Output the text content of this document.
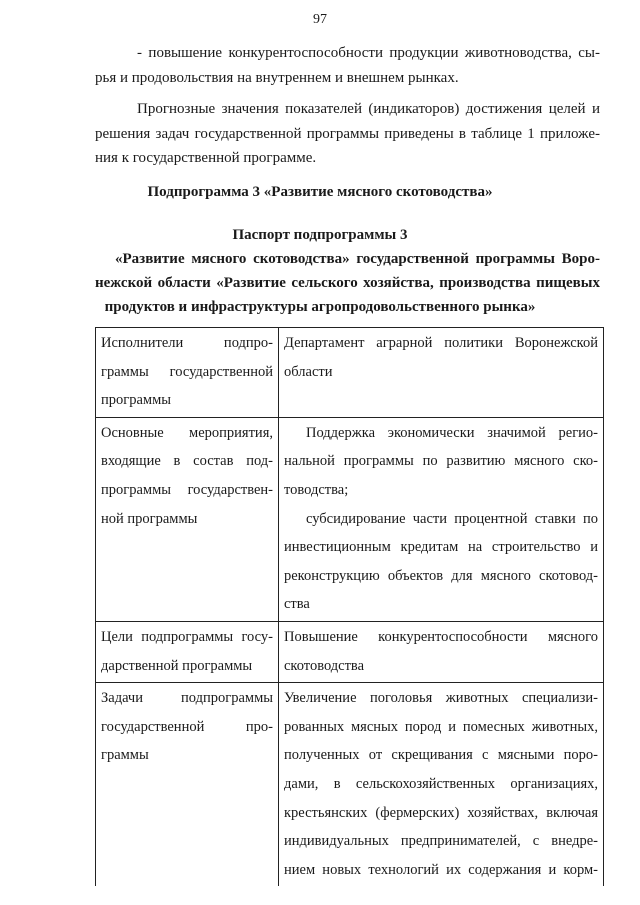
97
- повышение конкурентоспособности продукции животноводства, сы-
рья и продовольствия на внутреннем и внешнем рынках.
Прогнозные значения показателей (индикаторов) достижения целей и
решения задач государственной программы приведены в таблице 1 приложе-
ния к государственной программе.
Подпрограмма 3 «Развитие мясного скотоводства»
Паспорт подпрограммы 3
«Развитие мясного скотоводства» государственной программы Воро-
нежской области «Развитие сельского хозяйства, производства пищевых
продуктов и инфраструктуры агропродовольственного рынка»
Исполнители подпро-
граммы государственной
программы
Департамент аграрной политики Воронежской
области
Основные мероприятия,
входящие в состав под-
программы государствен-
ной программы
Поддержка экономически значимой регио-
нальной программы по развитию мясного ско-
товодства;
субсидирование части процентной ставки по
инвестиционным кредитам на строительство и
реконструкцию объектов для мясного скотовод-
ства
Цели подпрограммы госу-
дарственной программы
Повышение конкурентоспособности мясного
скотоводства
Задачи подпрограммы
государственной про-
граммы
Увеличение поголовья животных специализи-
рованных мясных пород и помесных животных,
полученных от скрещивания с мясными поро-
дами, в сельскохозяйственных организациях,
крестьянских (фермерских) хозяйствах, включая
индивидуальных предпринимателей, с внедре-
нием новых технологий их содержания и корм-
